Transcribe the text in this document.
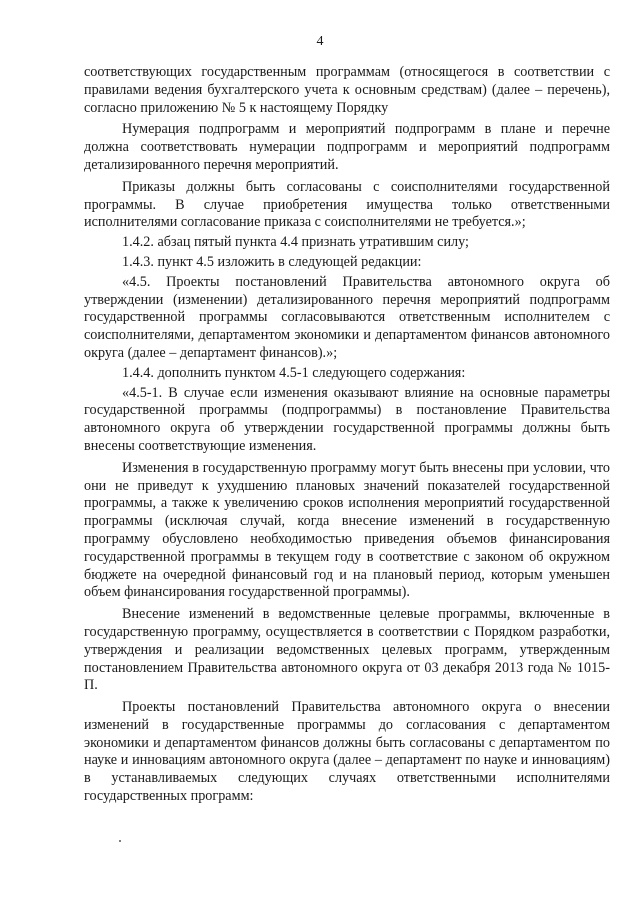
4

соответствующих государственным программам (относящегося в соответствии с правилами ведения бухгалтерского учета к основным средствам) (далее – перечень), согласно приложению № 5 к настоящему Порядку

Нумерация подпрограмм и мероприятий подпрограмм в плане и перечне должна соответствовать нумерации подпрограмм и мероприятий подпрограмм детализированного перечня мероприятий.

Приказы должны быть согласованы с соисполнителями государственной программы. В случае приобретения имущества только ответственными исполнителями согласование приказа с соисполнителями не требуется.»;

1.4.2. абзац пятый пункта 4.4 признать утратившим силу;

1.4.3. пункт 4.5 изложить в следующей редакции:

«4.5. Проекты постановлений Правительства автономного округа об утверждении (изменении) детализированного перечня мероприятий подпрограмм государственной программы согласовываются ответственным исполнителем с соисполнителями, департаментом экономики и департаментом финансов автономного округа (далее – департамент финансов).»;

1.4.4. дополнить пунктом 4.5-1 следующего содержания:

«4.5-1. В случае если изменения оказывают влияние на основные параметры государственной программы (подпрограммы) в постановление Правительства автономного округа об утверждении государственной программы должны быть внесены соответствующие изменения.

Изменения в государственную программу могут быть внесены при условии, что они не приведут к ухудшению плановых значений показателей государственной программы, а также к увеличению сроков исполнения мероприятий государственной программы (исключая случай, когда внесение изменений в государственную программу обусловлено необходимостью приведения объемов финансирования государственной программы в текущем году в соответствие с законом об окружном бюджете на очередной финансовый год и на плановый период, которым уменьшен объем финансирования государственной программы).

Внесение изменений в ведомственные целевые программы, включенные в государственную программу, осуществляется в соответствии с Порядком разработки, утверждения и реализации ведомственных целевых программ, утвержденным постановлением Правительства автономного округа от 03 декабря 2013 года № 1015-П.

Проекты постановлений Правительства автономного округа о внесении изменений в государственные программы до согласования с департаментом экономики и департаментом финансов должны быть согласованы с департаментом по науке и инновациям автономного округа (далее – департамент по науке и инновациям) в устанавливаемых следующих случаях ответственными исполнителями государственных программ:
